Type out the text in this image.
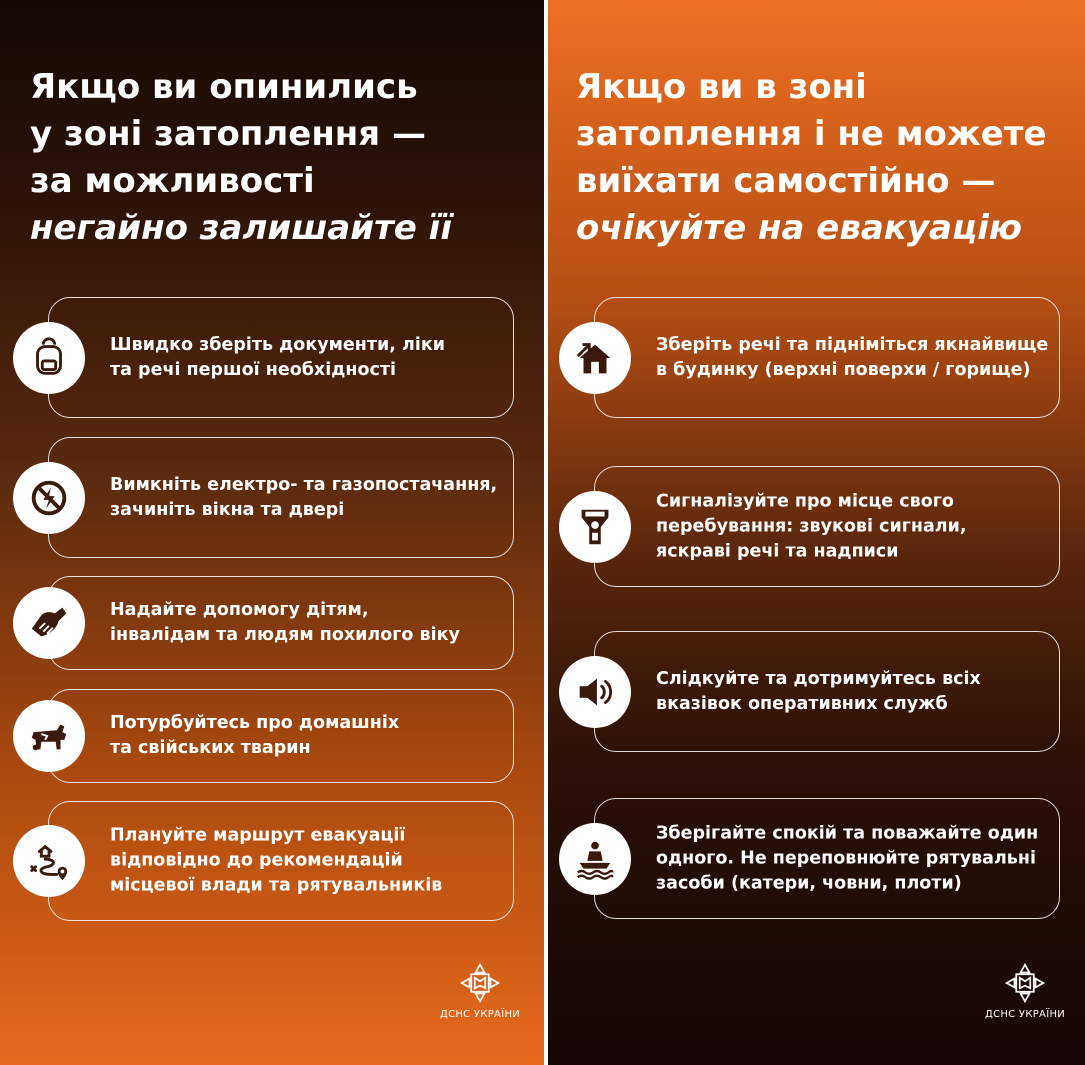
Якщо ви опинились
у зоні затоплення —
за можливості
негайно залишайте її
Швидко зберіть документи, ліки
та речі першої необхідності
Вимкніть електро- та газопостачання,
зачиніть вікна та двері
Надайте допомогу дітям,
інвалідам та людям похилого віку
Потурбуйтесь про домашніх
та свійських тварин
Плануйте маршрут евакуації
відповідно до рекомендацій
місцевої влади та рятувальників
ДСНС УКРАЇНИ
Якщо ви в зоні
затоплення і не можете
виїхати самостійно —
очікуйте на евакуацію
Зберіть речі та підніміться якнайвище
в будинку (верхні поверхи / горище)
Сигналізуйте про місце свого
перебування: звукові сигнали,
яскраві речі та надписи
Слідкуйте та дотримуйтесь всіх
вказівок оперативних служб
Зберігайте спокій та поважайте один
одного. Не переповнюйте рятувальні
засоби (катери, човни, плоти)
ДСНС УКРАЇНИ
